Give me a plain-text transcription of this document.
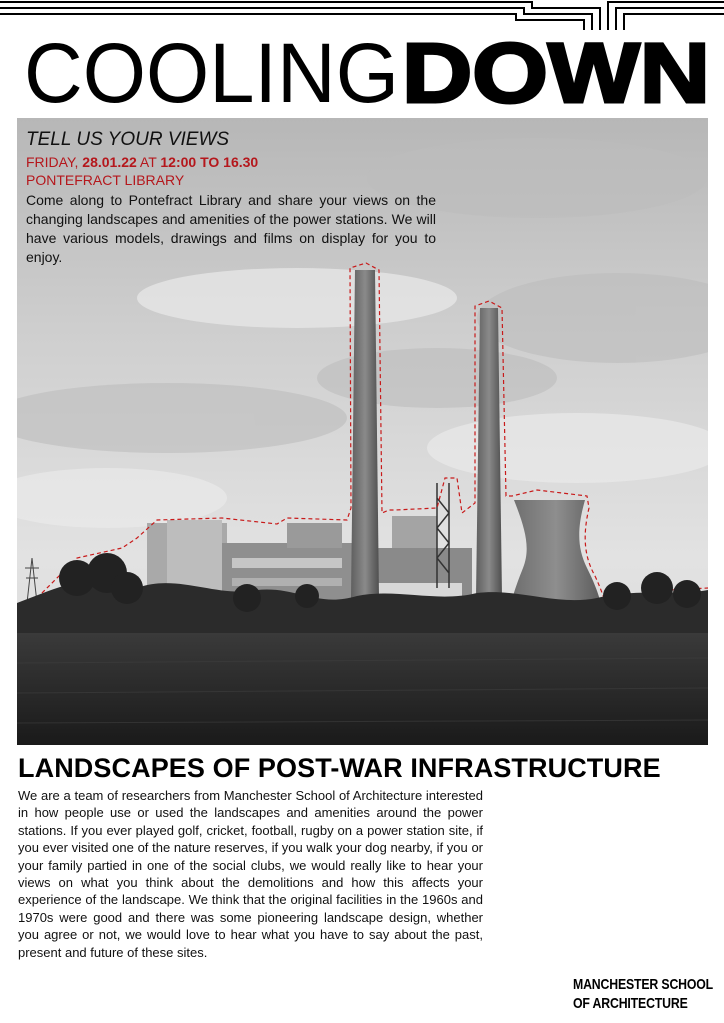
COOLING DOWN
TELL US YOUR VIEWS

FRIDAY, 28.01.22 AT 12:00 TO 16.30

PONTEFRACT LIBRARY

Come along to Pontefract Library and share your views on the changing landscapes and amenities of the power stations. We will have various models, drawings and films on display for you to enjoy.

LANDSCAPES OF POST-WAR INFRASTRUCTURE

We are a team of researchers from Manchester School of Architecture interested in how people use or used the landscapes and amenities around the power stations. If you ever played golf, cricket, football, rugby on a power station site, if you ever visited one of the nature reserves, if you walk your dog nearby, if you or your family partied in one of the social clubs, we would really like to hear your views on what you think about the demolitions and how this affects your experience of the landscape. We think that the original facilities in the 1960s and 1970s were good and there was some pioneering landscape design, whether you agree or not, we would love to hear what you have to say about the past, present and future of these sites.

MANCHESTER SCHOOL
OF ARCHITECTURE
